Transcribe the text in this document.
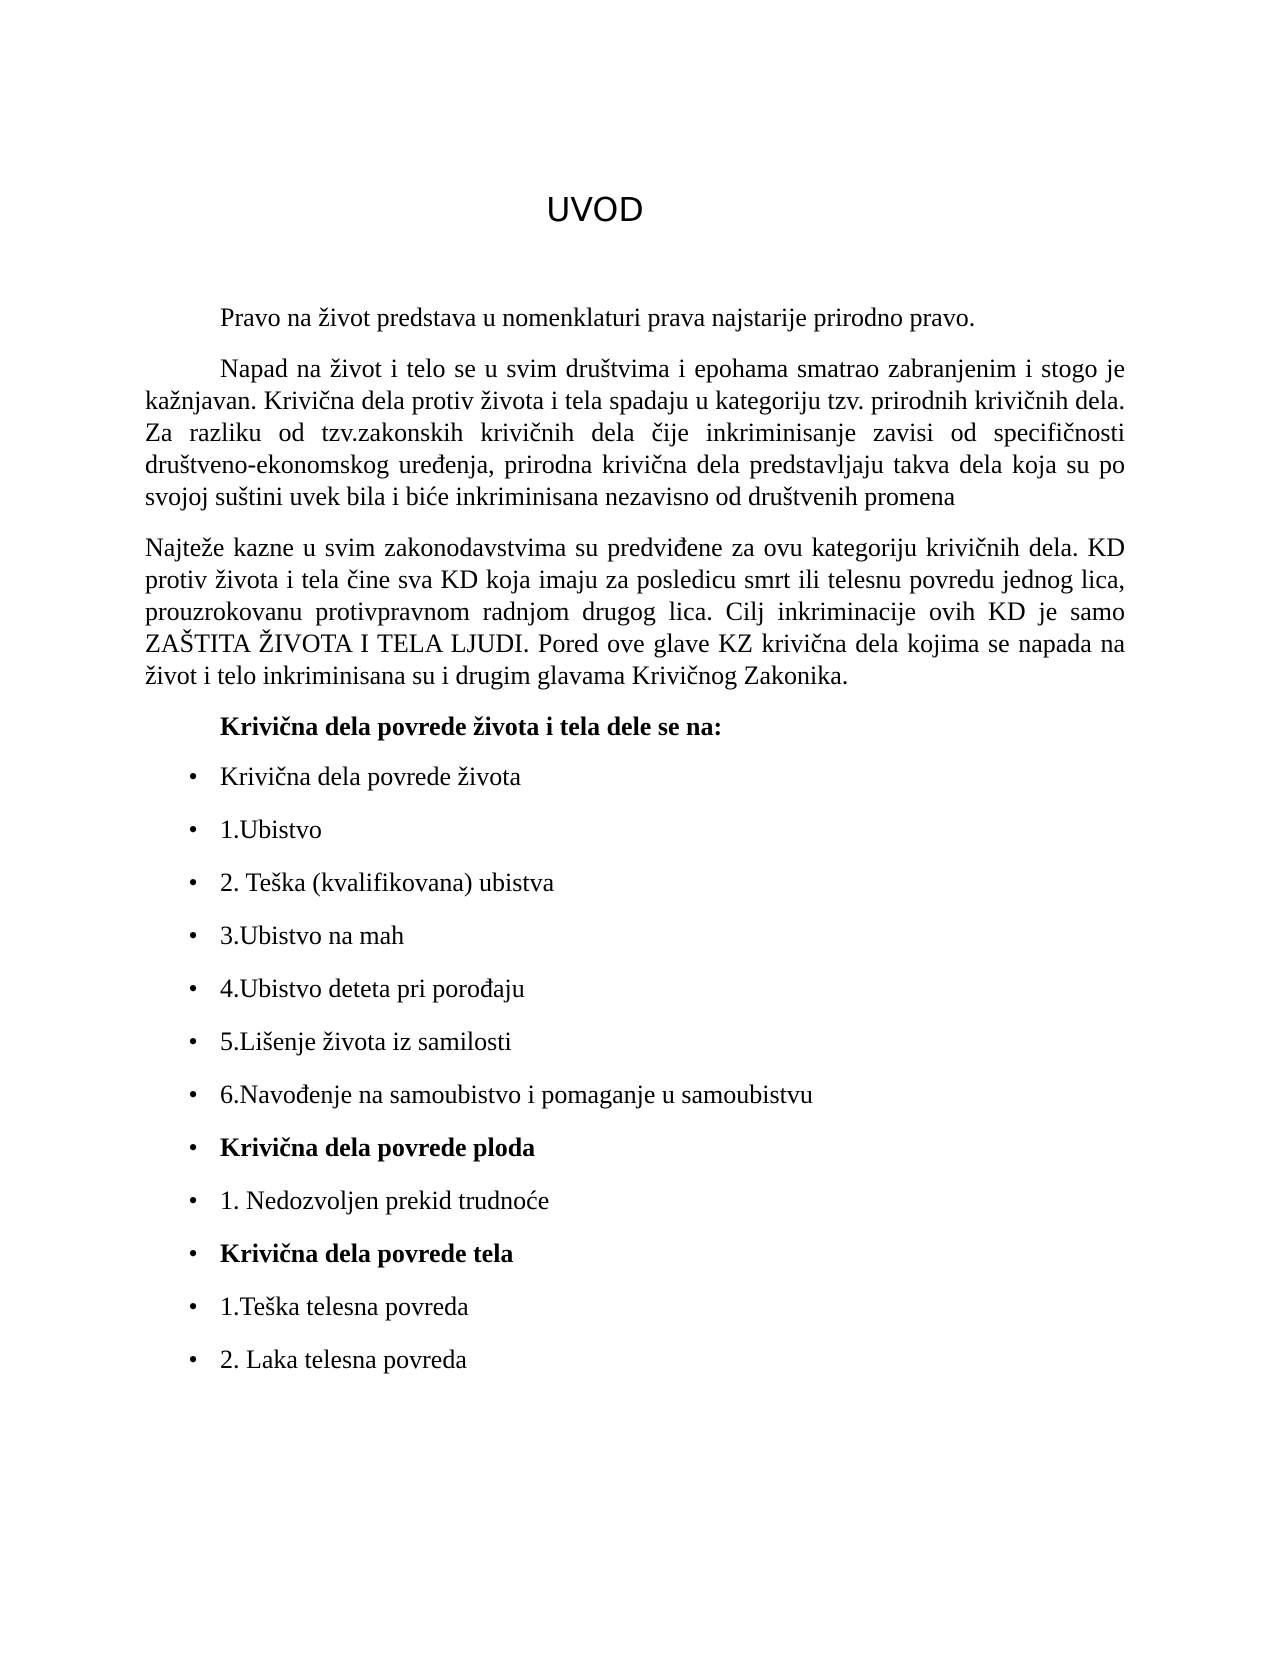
UVOD

Pravo na život predstava u nomenklaturi prava najstarije prirodno pravo.

Napad na život i telo se u svim društvima i epohama smatrao zabranjenim i stogo je kažnjavan. Krivična dela protiv života i tela spadaju u kategoriju tzv. prirodnih krivičnih dela. Za razliku od tzv.zakonskih krivičnih dela čije inkriminisanje zavisi od specifičnosti društveno-ekonomskog uređenja, prirodna krivična dela predstavljaju takva dela koja su po svojoj suštini uvek bila i biće inkriminisana nezavisno od društvenih promena

Najteže kazne u svim zakonodavstvima su predviđene za ovu kategoriju krivičnih dela. KD protiv života i tela čine sva KD koja imaju za posledicu smrt ili telesnu povredu jednog lica, prouzrokovanu protivpravnom radnjom drugog lica. Cilj inkriminacije ovih KD je samo ZAŠTITA ŽIVOTA I TELA LJUDI. Pored ove glave KZ krivična dela kojima se napada na život i telo inkriminisana su i drugim glavama Krivičnog Zakonika.

Krivična dela povrede života i tela dele se na:

• Krivična dela povrede života
• 1.Ubistvo
• 2. Teška (kvalifikovana) ubistva
• 3.Ubistvo na mah
• 4.Ubistvo deteta pri porođaju
• 5.Lišenje života iz samilosti
• 6.Navođenje na samoubistvo i pomaganje u samoubistvu
• Krivična dela povrede ploda
• 1. Nedozvoljen prekid trudnoće
• Krivična dela povrede tela
• 1.Teška telesna povreda
• 2. Laka telesna povreda
